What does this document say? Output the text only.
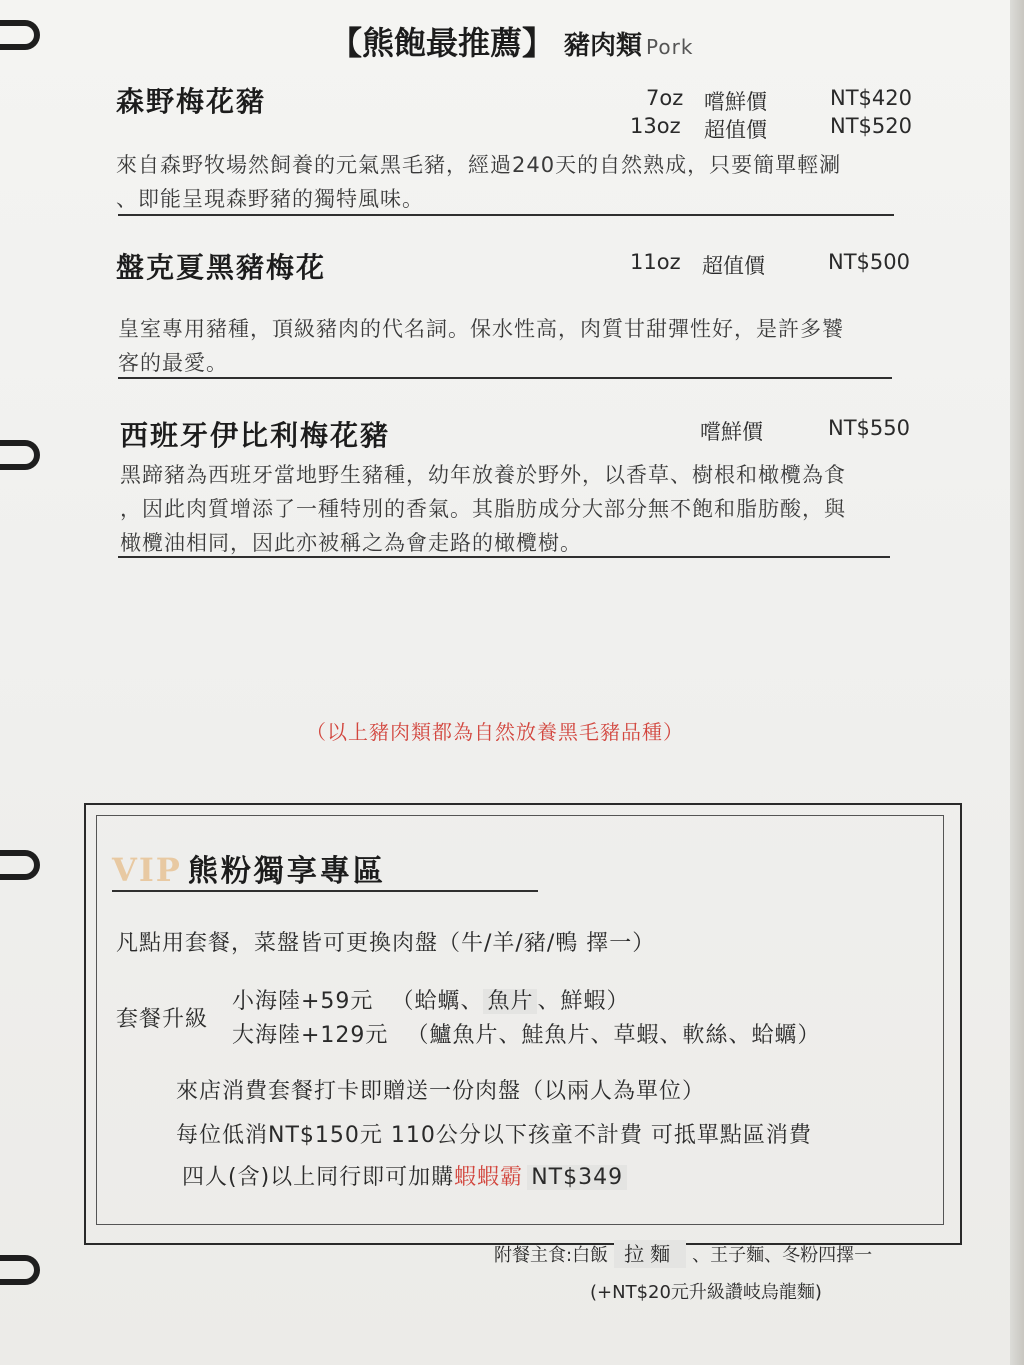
【熊飽最推薦】 豬肉類 Pork
森野梅花豬	7oz 嚐鮮價	NT$420
13oz 超值價	NT$520
來自森野牧場然飼養的元氣黑毛豬，經過240天的自然熟成，只要簡單輕涮
、即能呈現森野豬的獨特風味。
盤克夏黑豬梅花	11oz 超值價	NT$500
皇室專用豬種，頂級豬肉的代名詞。保水性高，肉質甘甜彈性好，是許多饕
客的最愛。
西班牙伊比利梅花豬	嚐鮮價	NT$550
黑蹄豬為西班牙當地野生豬種，幼年放養於野外，以香草、樹根和橄欖為食
，因此肉質增添了一種特別的香氣。其脂肪成分大部分無不飽和脂肪酸，與
橄欖油相同，因此亦被稱之為會走路的橄欖樹。
（以上豬肉類都為自然放養黑毛豬品種）
VIP 熊粉獨享專區
凡點用套餐，菜盤皆可更換肉盤（牛/羊/豬/鴨 擇一）
套餐升級
小海陸+59元 （蛤蠣、 魚片 、鮮蝦）
大海陸+129元 （鱸魚片、鮭魚片、草蝦、軟絲、蛤蠣）
來店消費套餐打卡即贈送一份肉盤（以兩人為單位）
每位低消NT$150元 110公分以下孩童不計費 可抵單點區消費
四人(含)以上同行即可加購蝦蝦霸 NT$349
附餐主食:白飯 拉麵 、王子麵、冬粉四擇一
(+NT$20元升級讚岐烏龍麵)
